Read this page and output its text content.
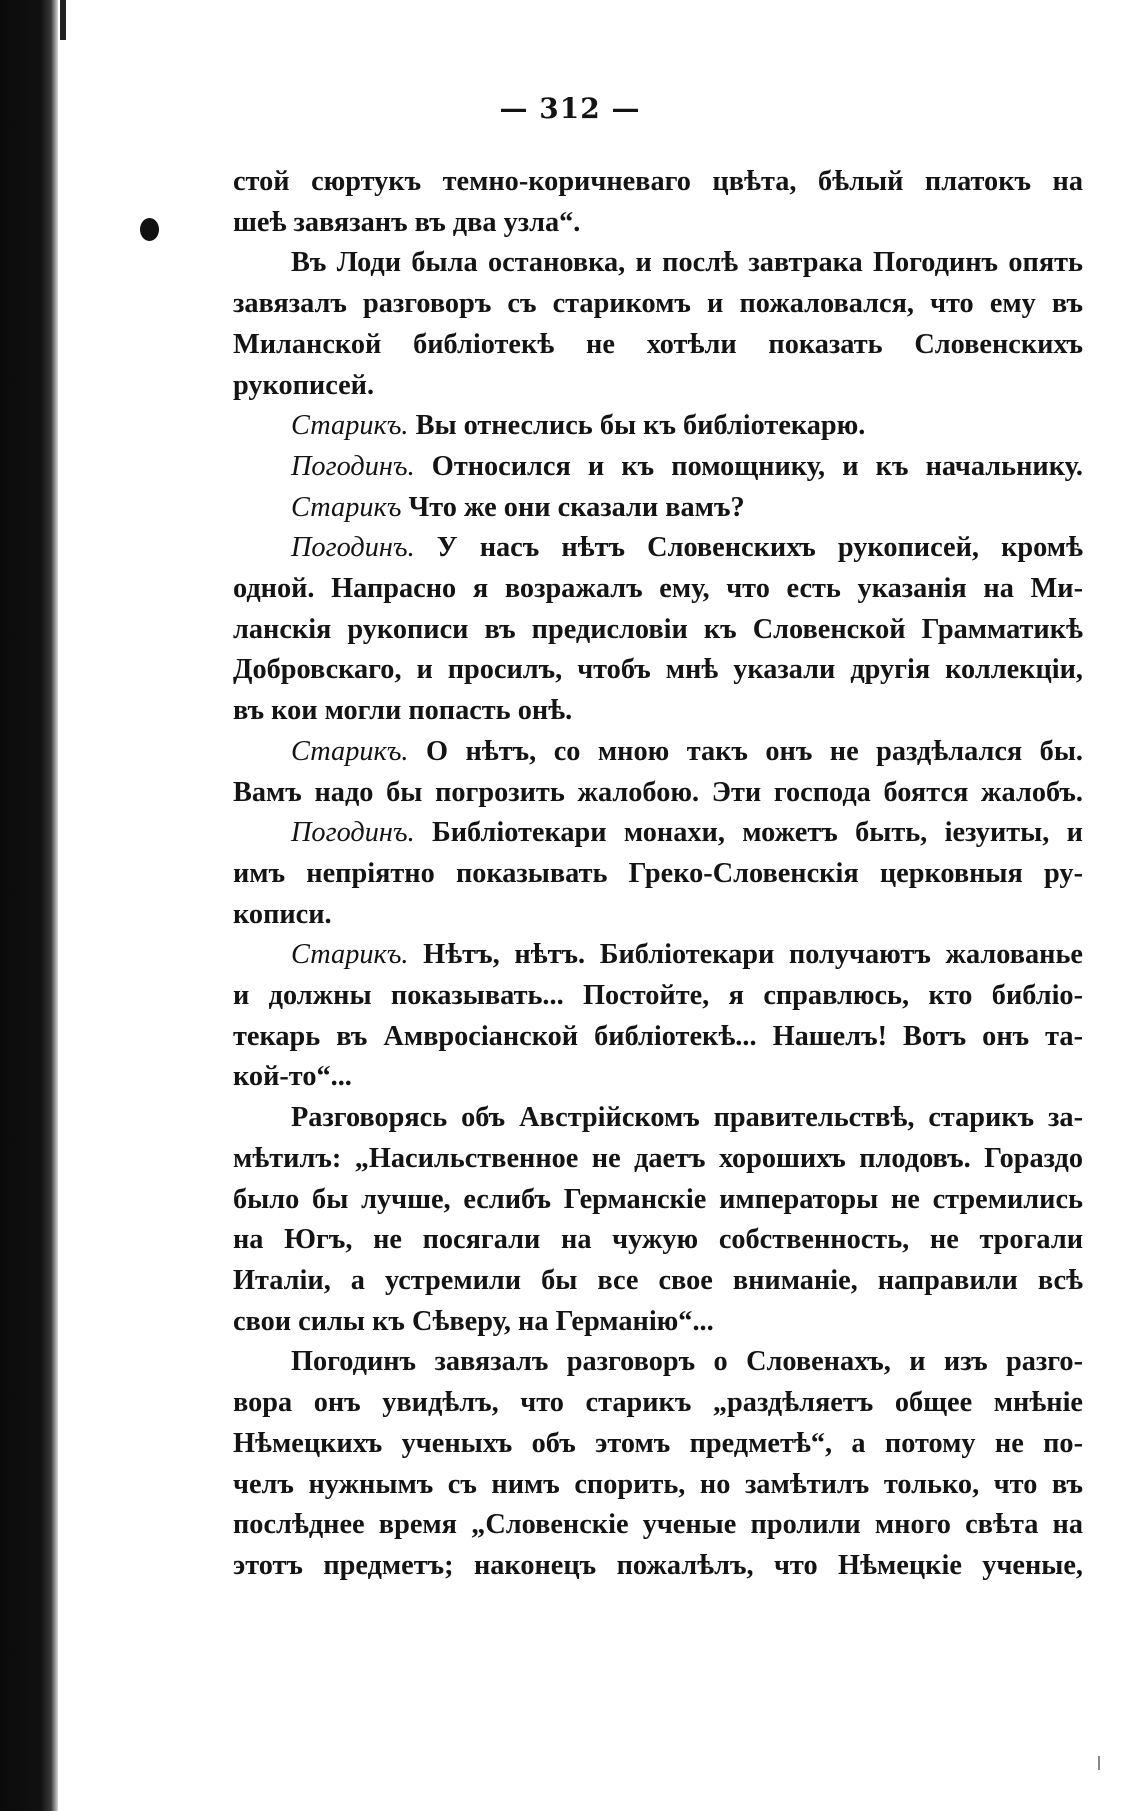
— 312 —
стой сюртукъ темно-коричневаго цвѣта, бѣлый платокъ на
шеѣ завязанъ въ два узла“.
Въ Лоди была остановка, и послѣ завтрака Погодинъ опять
завязалъ разговоръ съ старикомъ и пожаловался, что ему въ
Миланской библіотекѣ не хотѣли показать Словенскихъ
рукописей.
Старикъ. Вы отнеслись бы къ библіотекарю.
Погодинъ. Относился и къ помощнику, и къ начальнику.
Старикъ Что же они сказали вамъ?
Погодинъ. У насъ нѣтъ Словенскихъ рукописей, кромѣ
одной. Напрасно я возражалъ ему, что есть указанія на Ми-
ланскія рукописи въ предисловіи къ Словенской Грамматикѣ
Добровскаго, и просилъ, чтобъ мнѣ указали другія коллекціи,
въ кои могли попасть онѣ.
Старикъ. О нѣтъ, со мною такъ онъ не раздѣлался бы.
Вамъ надо бы погрозить жалобою. Эти господа боятся жалобъ.
Погодинъ. Библіотекари монахи, можетъ быть, іезуиты, и
имъ непріятно показывать Греко-Словенскія церковныя ру-
кописи.
Старикъ. Нѣтъ, нѣтъ. Библіотекари получаютъ жалованье
и должны показывать... Постойте, я справлюсь, кто библіо-
текарь въ Амвросіанской библіотекѣ... Нашелъ! Вотъ онъ та-
кой-то“...
Разговорясь объ Австрійскомъ правительствѣ, старикъ за-
мѣтилъ: „Насильственное не даетъ хорошихъ плодовъ. Гораздо
было бы лучше, еслибъ Германскіе императоры не стремились
на Югъ, не посягали на чужую собственность, не трогали
Италіи, а устремили бы все свое вниманіе, направили всѣ
свои силы къ Сѣверу, на Германію“...
Погодинъ завязалъ разговоръ о Словенахъ, и изъ разго-
вора онъ увидѣлъ, что старикъ „раздѣляетъ общее мнѣніе
Нѣмецкихъ ученыхъ объ этомъ предметѣ“, а потому не по-
челъ нужнымъ съ нимъ спорить, но замѣтилъ только, что въ
послѣднее время „Словенскіе ученые пролили много свѣта на
этотъ предметъ; наконецъ пожалѣлъ, что Нѣмецкіе ученые,
